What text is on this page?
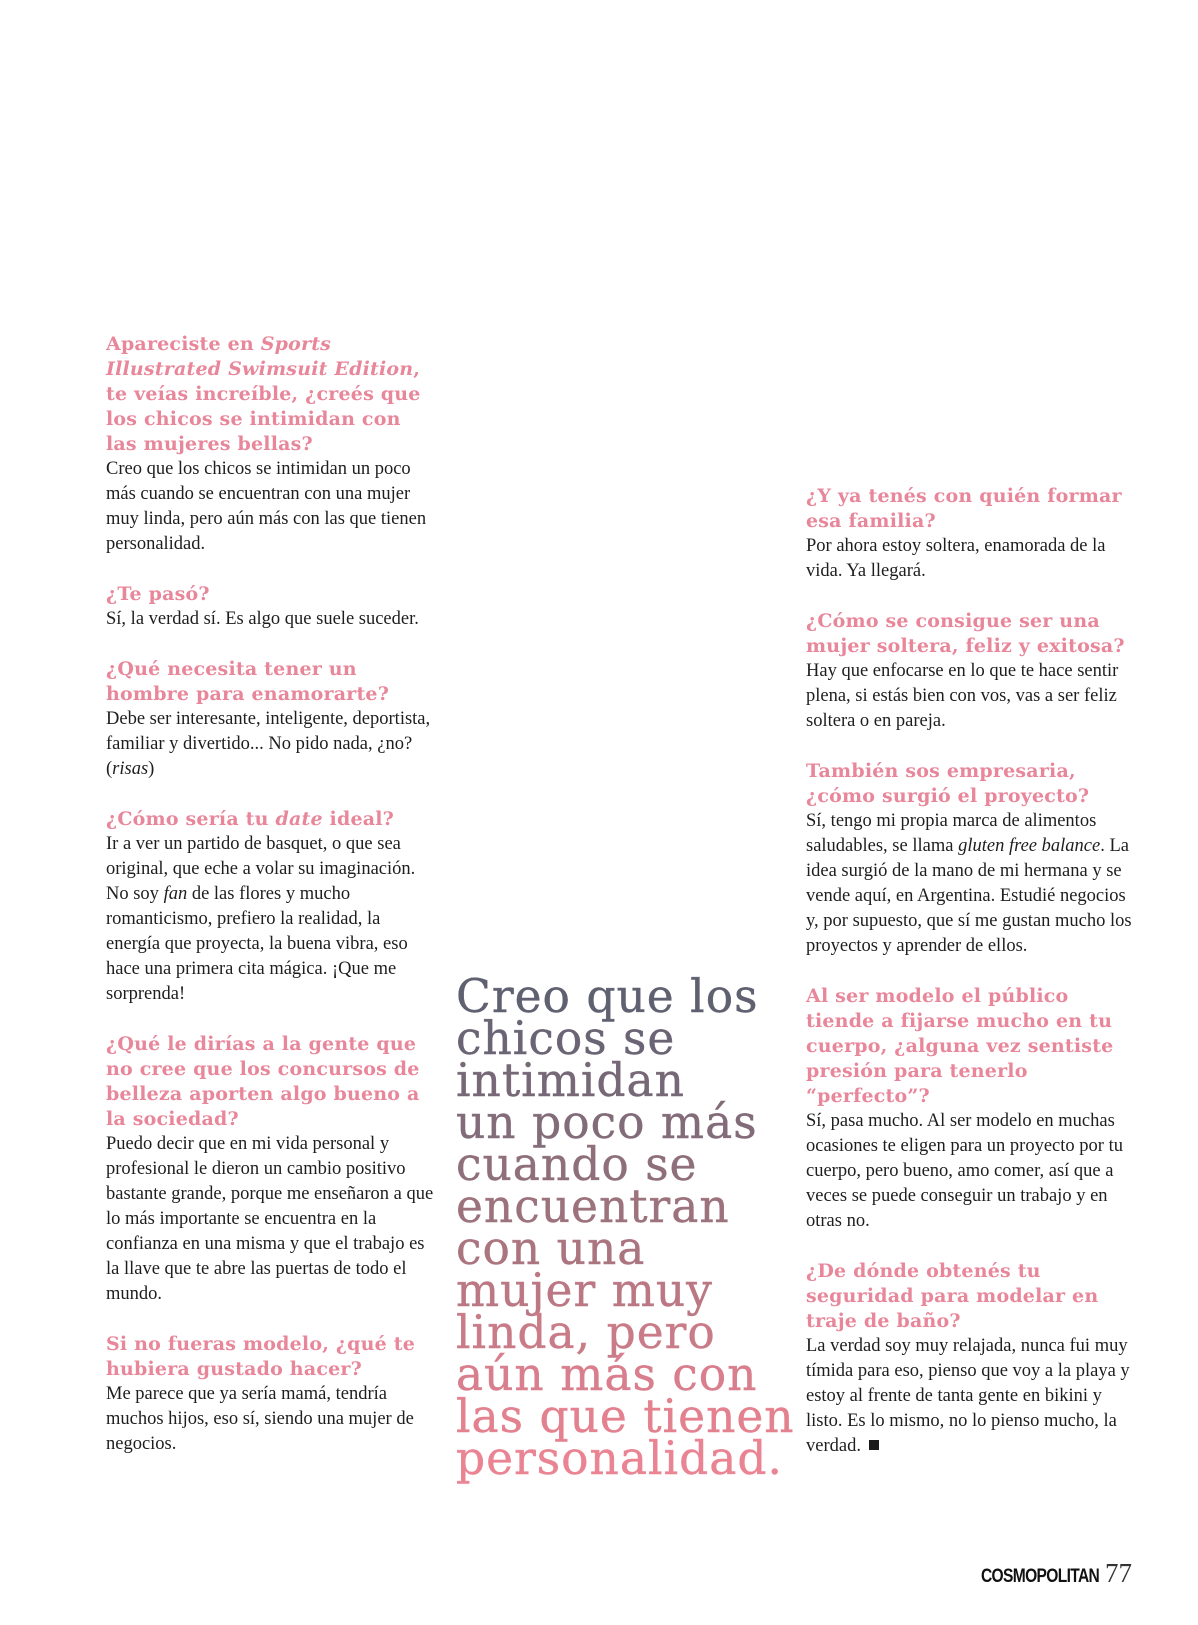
Apareciste en Sports Illustrated Swimsuit Edition, te veías increíble, ¿creés que los chicos se intimidan con las mujeres bellas?

Creo que los chicos se intimidan un poco más cuando se encuentran con una mujer muy linda, pero aún más con las que tienen personalidad.

¿Te pasó?

Sí, la verdad sí. Es algo que suele suceder.

¿Qué necesita tener un hombre para enamorarte?

Debe ser interesante, inteligente, deportista, familiar y divertido... No pido nada, ¿no? (risas)

¿Cómo sería tu date ideal?

Ir a ver un partido de basquet, o que sea original, que eche a volar su imaginación. No soy fan de las flores y mucho romanticismo, prefiero la realidad, la energía que proyecta, la buena vibra, eso hace una primera cita mágica. ¡Que me sorprenda!

¿Qué le dirías a la gente que no cree que los concursos de belleza aporten algo bueno a la sociedad?

Puedo decir que en mi vida personal y profesional le dieron un cambio positivo bastante grande, porque me enseñaron a que lo más importante se encuentra en la confianza en una misma y que el trabajo es la llave que te abre las puertas de todo el mundo.

Si no fueras modelo, ¿qué te hubiera gustado hacer?

Me parece que ya sería mamá, tendría muchos hijos, eso sí, siendo una mujer de negocios.

Creo que los
chicos se
intimidan
un poco más
cuando se
encuentran
con una
mujer muy
linda, pero
aún más con
las que tienen
personalidad.

¿Y ya tenés con quién formar esa familia?

Por ahora estoy soltera, enamorada de la vida. Ya llegará.

¿Cómo se consigue ser una mujer soltera, feliz y exitosa?

Hay que enfocarse en lo que te hace sentir plena, si estás bien con vos, vas a ser feliz soltera o en pareja.

También sos empresaria, ¿cómo surgió el proyecto?

Sí, tengo mi propia marca de alimentos saludables, se llama gluten free balance. La idea surgió de la mano de mi hermana y se vende aquí, en Argentina. Estudié negocios y, por supuesto, que sí me gustan mucho los proyectos y aprender de ellos.

Al ser modelo el público tiende a fijarse mucho en tu cuerpo, ¿alguna vez sentiste presión para tenerlo “perfecto”?

Sí, pasa mucho. Al ser modelo en muchas ocasiones te eligen para un proyecto por tu cuerpo, pero bueno, amo comer, así que a veces se puede conseguir un trabajo y en otras no.

¿De dónde obtenés tu seguridad para modelar en traje de baño?

La verdad soy muy relajada, nunca fui muy tímida para eso, pienso que voy a la playa y estoy al frente de tanta gente en bikini y listo. Es lo mismo, no lo pienso mucho, la verdad.

COSMOPOLITAN 77
